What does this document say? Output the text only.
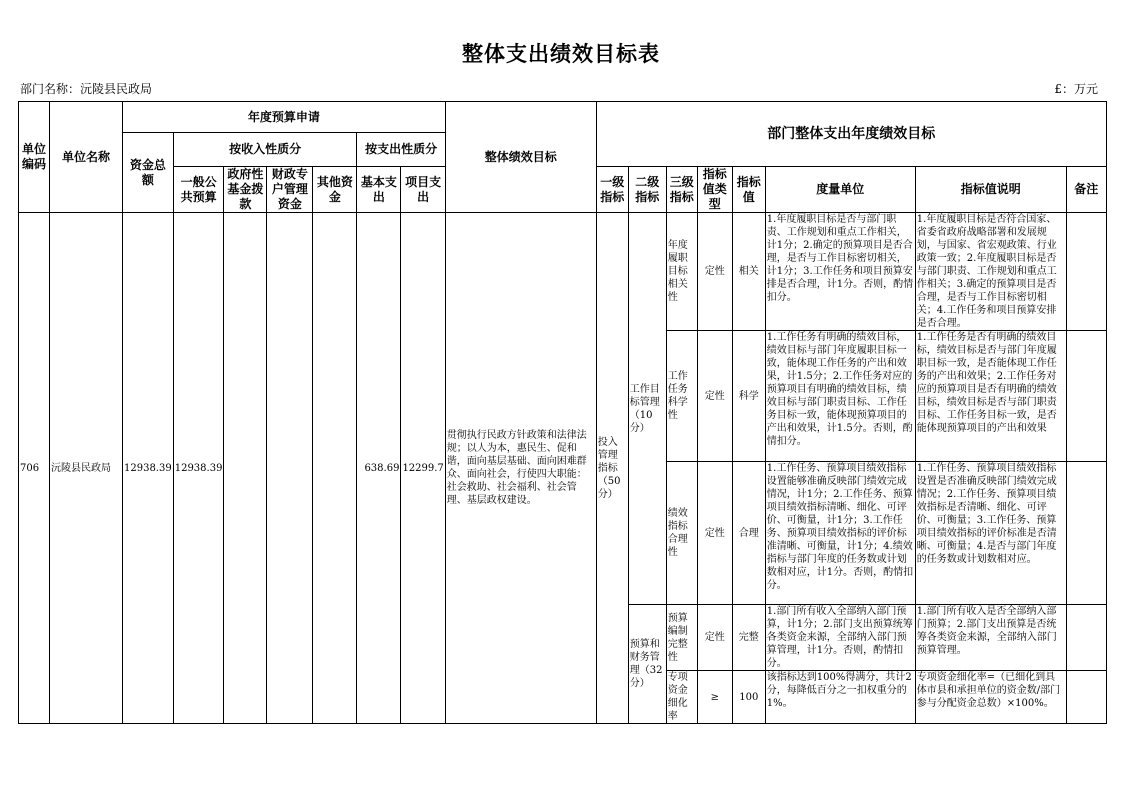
整体支出绩效目标表
部门名称：沅陵县民政局	£：万元
单位编码	单位名称	年度预算申请							整体绩效目标	部门整体支出年度绩效目标							
		资金总额	按收入性质分				按支出性质分										
			一般公共预算	政府性基金拨款	财政专户管理资金	其他资金	基本支出	项目支出		一级指标	二级指标	三级指标	指标值类型	指标值	度量单位	指标值说明	备注
706	沅陵县民政局	12938.39	12938.39				638.69	12299.7	贯彻执行民政方针政策和法律法规；以人为本，惠民生、促和谐，面向基层基础、面向困难群众、面向社会，行使四大职能：社会救助、社会福利、社会管理、基层政权建设。	投入管理指标（50分）	工作目标管理（10分）	年度履职目标相关性	定性	相关	1.年度履职目标是否与部门职责、工作规划和重点工作相关，计1分；2.确定的预算项目是否合理，是否与工作目标密切相关，计1分；3.工作任务和项目预算安排是否合理，计1分。否则，酌情扣分。	1.年度履职目标是否符合国家、省委省政府战略部署和发展规划，与国家、省宏观政策、行业政策一致；2.年度履职目标是否与部门职责、工作规划和重点工作相关；3.确定的预算项目是否合理，是否与工作目标密切相关；4.工作任务和项目预算安排是否合理。	
												工作任务科学性	定性	科学	1.工作任务有明确的绩效目标，绩效目标与部门年度履职目标一致，能体现工作任务的产出和效果，计1.5分；2.工作任务对应的预算项目有明确的绩效目标，绩效目标与部门职责目标、工作任务目标一致，能体现预算项目的产出和效果，计1.5分。否则，酌情扣分。	1.工作任务是否有明确的绩效目标，绩效目标是否与部门年度履职目标一致，是否能体现工作任务的产出和效果；2.工作任务对应的预算项目是否有明确的绩效目标，绩效目标是否与部门职责目标、工作任务目标一致，是否能体现预算项目的产出和效果	
												绩效指标合理性	定性	合理	1.工作任务、预算项目绩效指标设置能够准确反映部门绩效完成情况，计1分；2.工作任务、预算项目绩效指标清晰、细化、可评价、可衡量，计1分；3.工作任务、预算项目绩效指标的评价标准清晰、可衡量，计1分；4.绩效指标与部门年度的任务数或计划数相对应，计1分。否则，酌情扣分。	1.工作任务、预算项目绩效指标设置是否准确反映部门绩效完成情况；2.工作任务、预算项目绩效指标是否清晰、细化、可评价、可衡量；3.工作任务、预算项目绩效指标的评价标准是否清晰、可衡量；4.是否与部门年度的任务数或计划数相对应。	
											预算和财务管理（32分）	预算编制完整性	定性	完整	1.部门所有收入全部纳入部门预算，计1分；2.部门支出预算统筹各类资金来源，全部纳入部门预算管理，计1分。否则，酌情扣分。	1.部门所有收入是否全部纳入部门预算；2.部门支出预算是否统筹各类资金来源，全部纳入部门预算管理。	
												专项资金细化率	≥	100	该指标达到100%得满分，共计2分，每降低百分之一扣权重分的1%。	专项资金细化率=（已细化到具体市县和承担单位的资金数/部门参与分配资金总数）×100%。	
